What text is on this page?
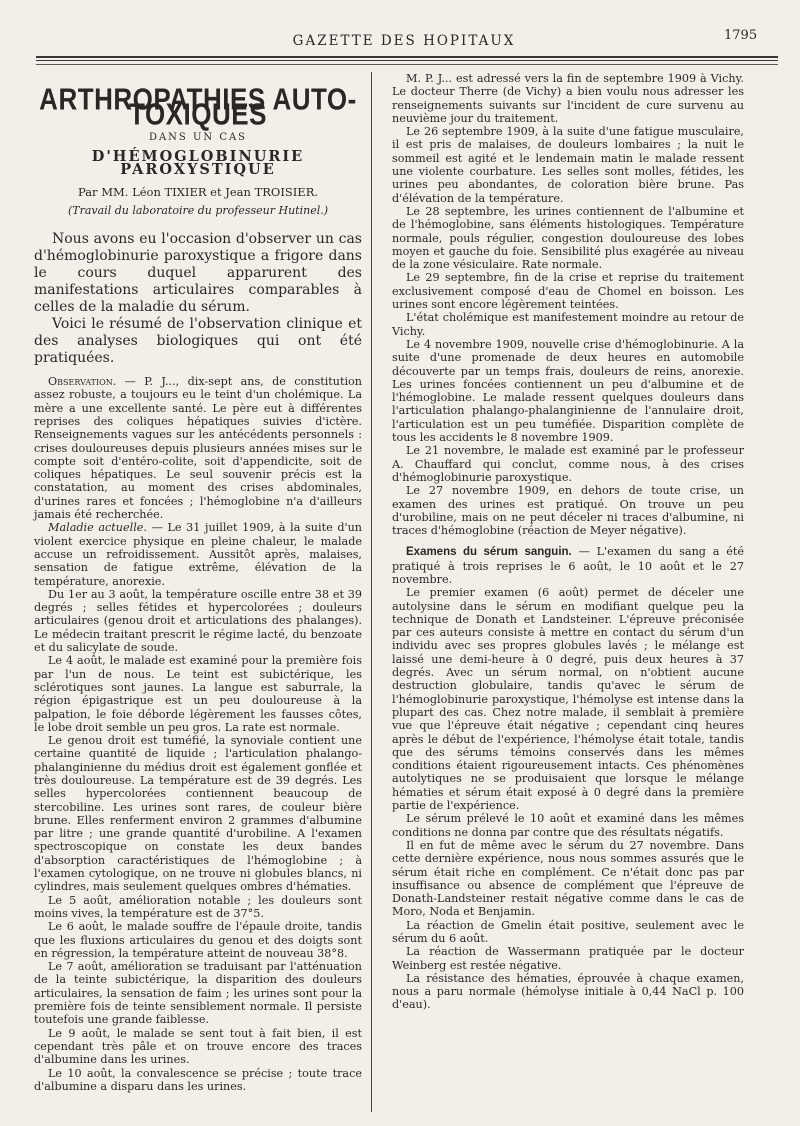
GAZETTE DES HOPITAUX	1795
ARTHROPATHIES AUTO-TOXIQUES
DANS UN CAS
D'HÉMOGLOBINURIE PAROXYSTIQUE
Par MM. Léon TIXIER et Jean TROISIER.
(Travail du laboratoire du professeur Hutinel.)

Nous avons eu l'occasion d'observer un cas d'hémoglobinurie paroxystique a frigore dans le cours duquel apparurent des manifestations articulaires comparables à celles de la maladie du sérum.

Voici le résumé de l'observation clinique et des analyses biologiques qui ont été pratiquées.

Observation. — P. J..., dix-sept ans, de constitution assez robuste, a toujours eu le teint d'un cholémique. La mère a une excellente santé. Le père eut à différentes reprises des coliques hépatiques suivies d'ictère. Renseignements vagues sur les antécédents personnels : crises douloureuses depuis plusieurs années mises sur le compte soit d'entéro-colite, soit d'appendicite, soit de coliques hépatiques. Le seul souvenir précis est la constatation, au moment des crises abdominales, d'urines rares et foncées ; l'hémoglobine n'a d'ailleurs jamais été recherchée.

Maladie actuelle. — Le 31 juillet 1909, à la suite d'un violent exercice physique en pleine chaleur, le malade accuse un refroidissement. Aussitôt après, malaises, sensation de fatigue extrême, élévation de la température, anorexie.

Du 1er au 3 août, la température oscille entre 38 et 39 degrés ; selles fétides et hypercolorées ; douleurs articulaires (genou droit et articulations des phalanges). Le médecin traitant prescrit le régime lacté, du benzoate et du salicylate de soude.

Le 4 août, le malade est examiné pour la première fois par l'un de nous. Le teint est subictérique, les sclérotiques sont jaunes. La langue est saburrale, la région épigastrique est un peu douloureuse à la palpation, le foie déborde légèrement les fausses côtes, le lobe droit semble un peu gros. La rate est normale.

Le genou droit est tuméfié, la synoviale contient une certaine quantité de liquide ; l'articulation phalango-phalanginienne du médius droit est également gonflée et très douloureuse. La température est de 39 degrés. Les selles hypercolorées contiennent beaucoup de stercobiline. Les urines sont rares, de couleur bière brune. Elles renferment environ 2 grammes d'albumine par litre ; une grande quantité d'urobiline. A l'examen spectroscopique on constate les deux bandes d'absorption caractéristiques de l'hémoglobine ; à l'examen cytologique, on ne trouve ni globules blancs, ni cylindres, mais seulement quelques ombres d'hématies.

Le 5 août, amélioration notable ; les douleurs sont moins vives, la température est de 37°5.

Le 6 août, le malade souffre de l'épaule droite, tandis que les fluxions articulaires du genou et des doigts sont en régression, la température atteint de nouveau 38°8.

Le 7 août, amélioration se traduisant par l'atténuation de la teinte subictérique, la disparition des douleurs articulaires, la sensation de faim ; les urines sont pour la première fois de teinte sensiblement normale. Il persiste toutefois une grande faiblesse.

Le 9 août, le malade se sent tout à fait bien, il est cependant très pâle et on trouve encore des traces d'albumine dans les urines.

Le 10 août, la convalescence se précise ; toute trace d'albumine a disparu dans les urines.

M. P. J... est adressé vers la fin de septembre 1909 à Vichy. Le docteur Therre (de Vichy) a bien voulu nous adresser les renseignements suivants sur l'incident de cure survenu au neuvième jour du traitement.

Le 26 septembre 1909, à la suite d'une fatigue musculaire, il est pris de malaises, de douleurs lombaires ; la nuit le sommeil est agité et le lendemain matin le malade ressent une violente courbature. Les selles sont molles, fétides, les urines peu abondantes, de coloration bière brune. Pas d'élévation de la température.

Le 28 septembre, les urines contiennent de l'albumine et de l'hémoglobine, sans éléments histologiques. Température normale, pouls régulier, congestion douloureuse des lobes moyen et gauche du foie. Sensibilité plus exagérée au niveau de la zone vésiculaire. Rate normale.

Le 29 septembre, fin de la crise et reprise du traitement exclusivement composé d'eau de Chomel en boisson. Les urines sont encore légèrement teintées.

L'état cholémique est manifestement moindre au retour de Vichy.

Le 4 novembre 1909, nouvelle crise d'hémoglobinurie. A la suite d'une promenade de deux heures en automobile découverte par un temps frais, douleurs de reins, anorexie. Les urines foncées contiennent un peu d'albumine et de l'hémoglobine. Le malade ressent quelques douleurs dans l'articulation phalango-phalanginienne de l'annulaire droit, l'articulation est un peu tuméfiée. Disparition complète de tous les accidents le 8 novembre 1909.

Le 21 novembre, le malade est examiné par le professeur A. Chauffard qui conclut, comme nous, à des crises d'hémoglobinurie paroxystique.

Le 27 novembre 1909, en dehors de toute crise, un examen des urines est pratiqué. On trouve un peu d'urobiline, mais on ne peut déceler ni traces d'albumine, ni traces d'hémoglobine (réaction de Meyer négative).

Examens du sérum sanguin. — L'examen du sang a été pratiqué à trois reprises le 6 août, le 10 août et le 27 novembre.

Le premier examen (6 août) permet de déceler une autolysine dans le sérum en modifiant quelque peu la technique de Donath et Landsteiner. L'épreuve préconisée par ces auteurs consiste à mettre en contact du sérum d'un individu avec ses propres globules lavés ; le mélange est laissé une demi-heure à 0 degré, puis deux heures à 37 degrés. Avec un sérum normal, on n'obtient aucune destruction globulaire, tandis qu'avec le sérum de l'hémoglobinurie paroxystique, l'hémolyse est intense dans la plupart des cas. Chez notre malade, il semblait à première vue que l'épreuve était négative ; cependant cinq heures après le début de l'expérience, l'hémolyse était totale, tandis que des sérums témoins conservés dans les mêmes conditions étaient rigoureusement intacts. Ces phénomènes autolytiques ne se produisaient que lorsque le mélange hématies et sérum était exposé à 0 degré dans la première partie de l'expérience.

Le sérum prélevé le 10 août et examiné dans les mêmes conditions ne donna par contre que des résultats négatifs.

Il en fut de même avec le sérum du 27 novembre. Dans cette dernière expérience, nous nous sommes assurés que le sérum était riche en complément. Ce n'était donc pas par insuffisance ou absence de complément que l'épreuve de Donath-Landsteiner restait négative comme dans le cas de Moro, Noda et Benjamin.

La réaction de Gmelin était positive, seulement avec le sérum du 6 août.

La réaction de Wassermann pratiquée par le docteur Weinberg est restée négative.

La résistance des hématies, éprouvée à chaque examen, nous a paru normale (hémolyse initiale à 0,44 NaCl p. 100 d'eau).
